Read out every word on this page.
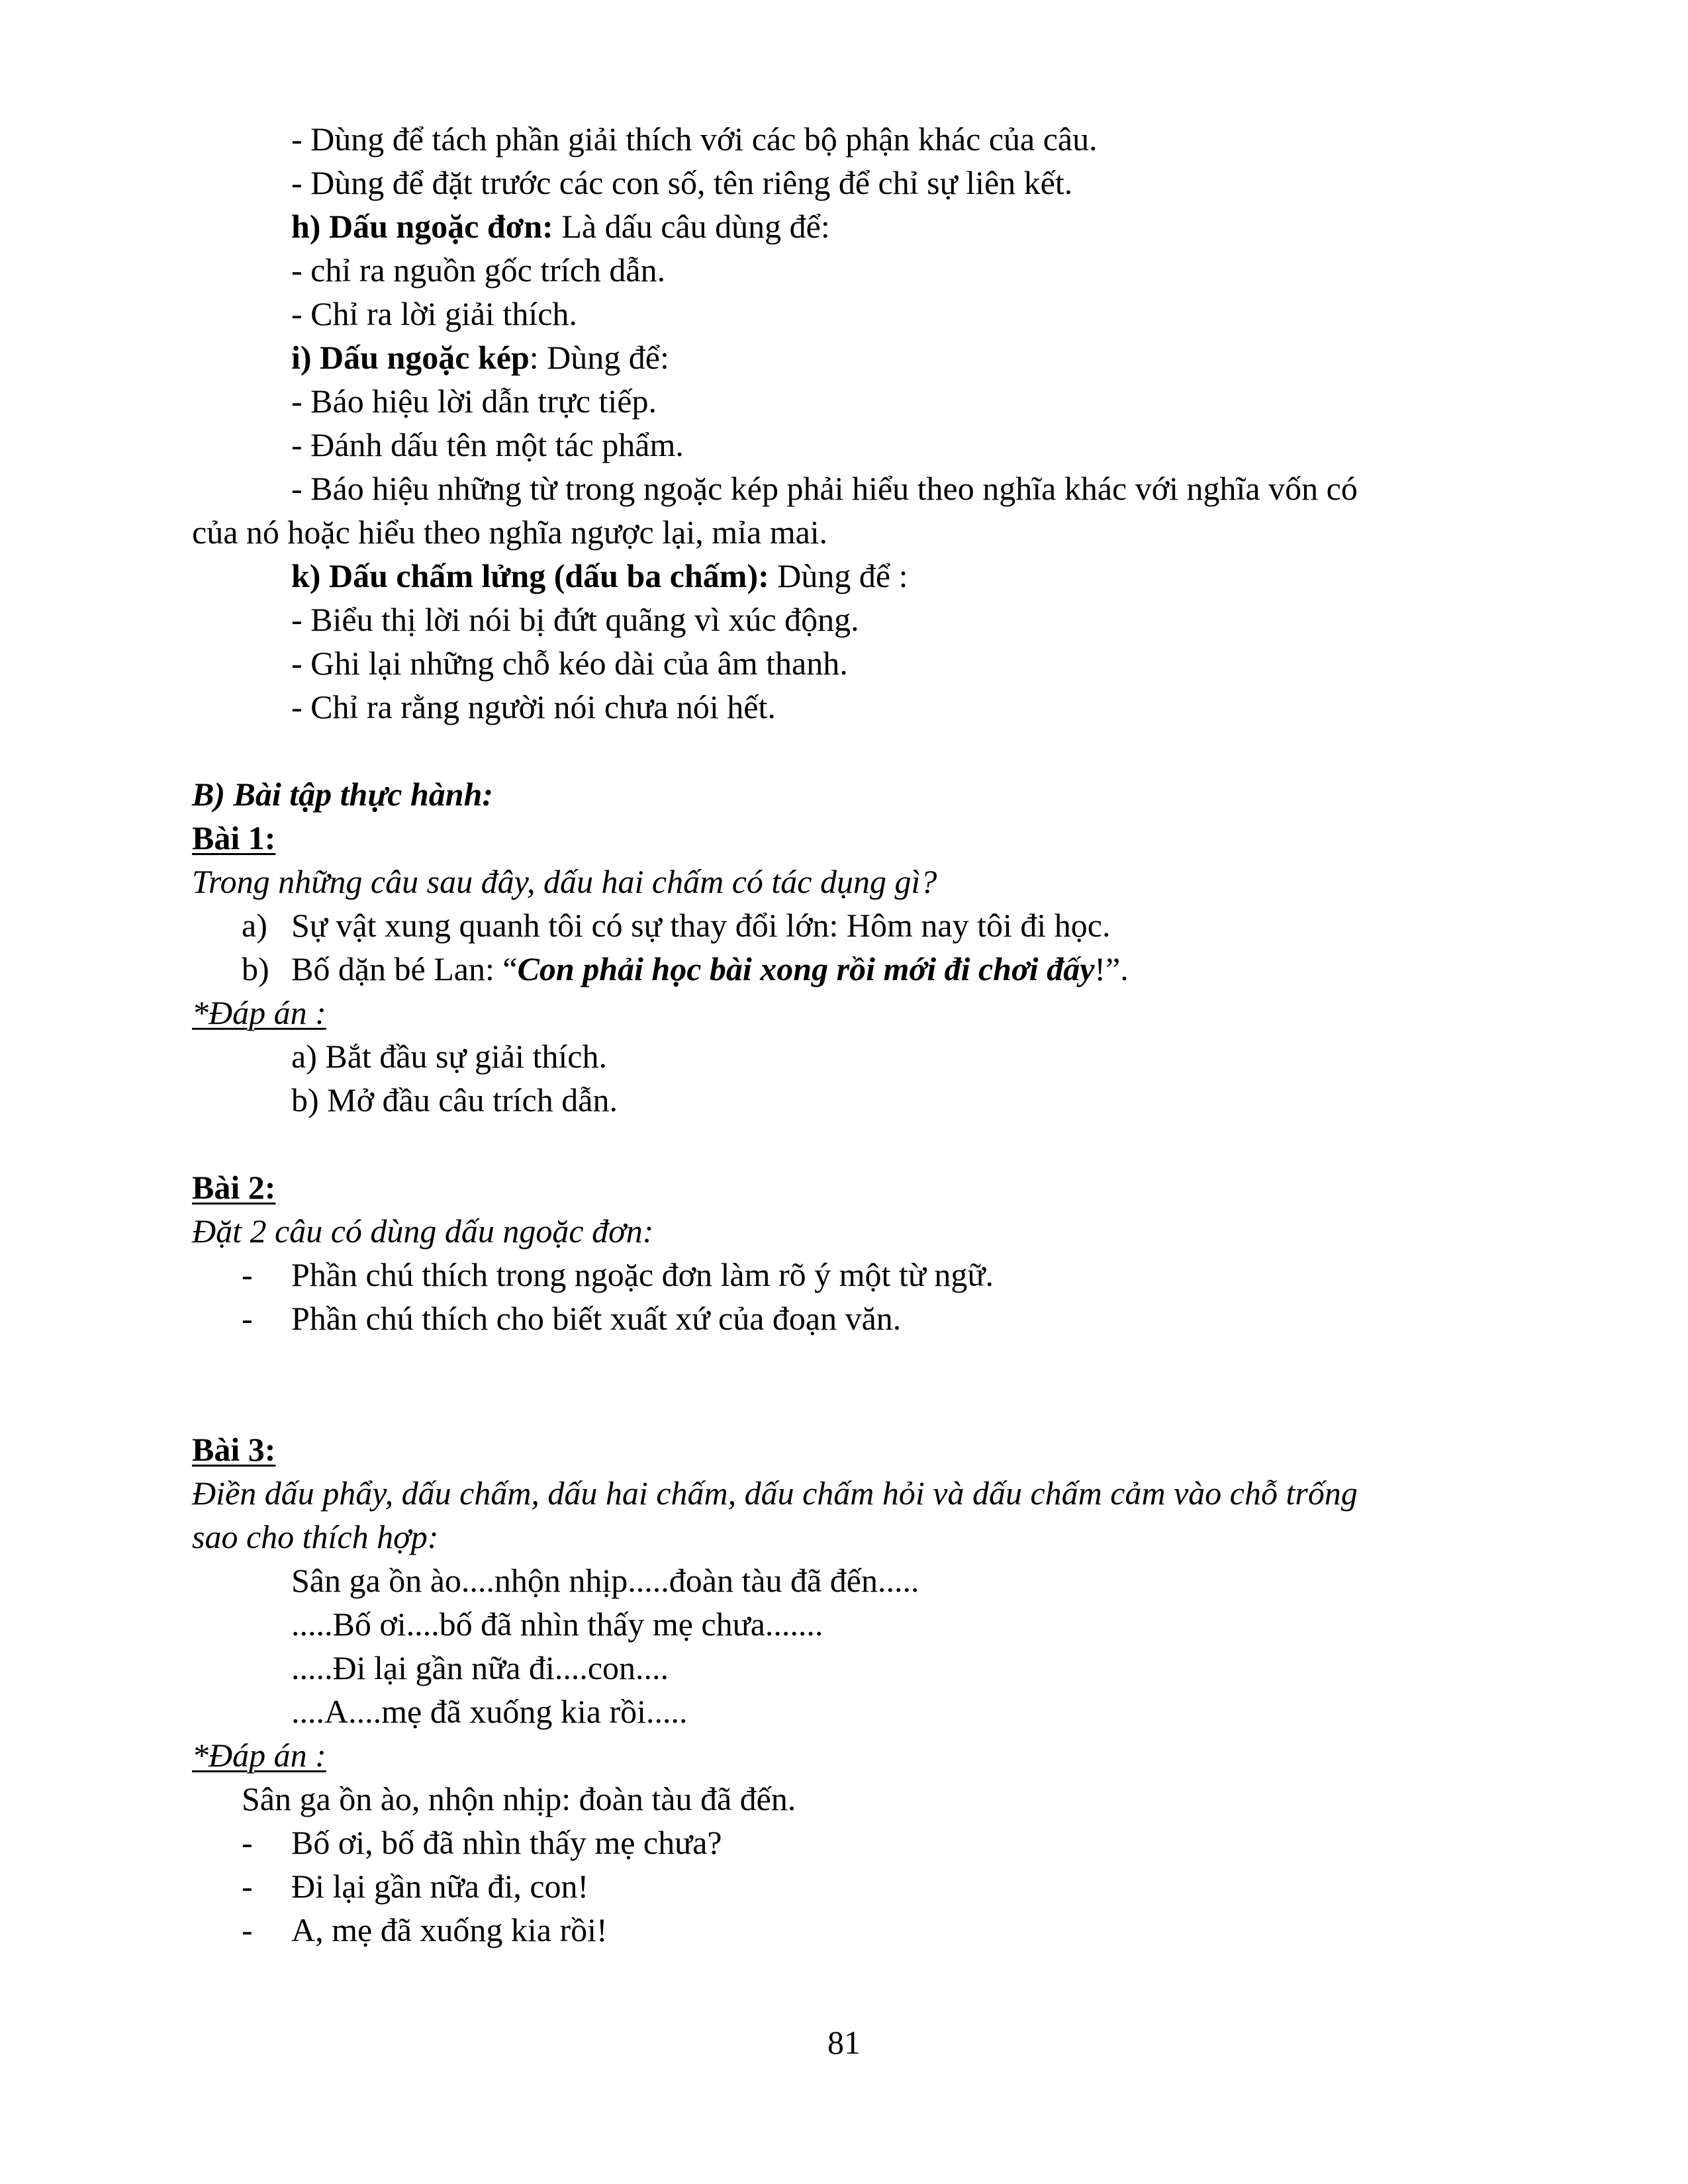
- Dùng để tách phần giải thích với các bộ phận khác của câu.
- Dùng để đặt trước các con số, tên riêng để chỉ sự liên kết.
h) Dấu ngoặc đơn: Là dấu câu dùng để:
- chỉ ra nguồn gốc trích dẫn.
- Chỉ ra lời giải thích.
i) Dấu ngoặc kép: Dùng để:
- Báo hiệu lời dẫn trực tiếp.
- Đánh dấu tên một tác phẩm.
- Báo hiệu những từ trong ngoặc kép phải hiểu theo nghĩa khác với nghĩa vốn có
của nó hoặc hiểu theo nghĩa ngược lại, mỉa mai.
k) Dấu chấm lửng (dấu ba chấm): Dùng để :
- Biểu thị lời nói bị đứt quãng vì xúc động.
- Ghi lại những chỗ kéo dài của âm thanh.
- Chỉ ra rằng người nói chưa nói hết.
B) Bài tập thực hành:
Bài 1:
Trong những câu sau đây, dấu hai chấm có tác dụng gì?
a) Sự vật xung quanh tôi có sự thay đổi lớn: Hôm nay tôi đi học.
b) Bố dặn bé Lan: “Con phải học bài xong rồi mới đi chơi đấy!”.
*Đáp án :
a) Bắt đầu sự giải thích.
b) Mở đầu câu trích dẫn.
Bài 2:
Đặt 2 câu có dùng dấu ngoặc đơn:
- Phần chú thích trong ngoặc đơn làm rõ ý một từ ngữ.
- Phần chú thích cho biết xuất xứ của đoạn văn.
Bài 3:
Điền dấu phẩy, dấu chấm, dấu hai chấm, dấu chấm hỏi và dấu chấm cảm vào chỗ trống
sao cho thích hợp:
Sân ga ồn ào....nhộn nhịp.....đoàn tàu đã đến.....
.....Bố ơi....bố đã nhìn thấy mẹ chưa.......
.....Đi lại gần nữa đi....con....
....A....mẹ đã xuống kia rồi.....
*Đáp án :
Sân ga ồn ào, nhộn nhịp: đoàn tàu đã đến.
- Bố ơi, bố đã nhìn thấy mẹ chưa?
- Đi lại gần nữa đi, con!
- A, mẹ đã xuống kia rồi!
81
